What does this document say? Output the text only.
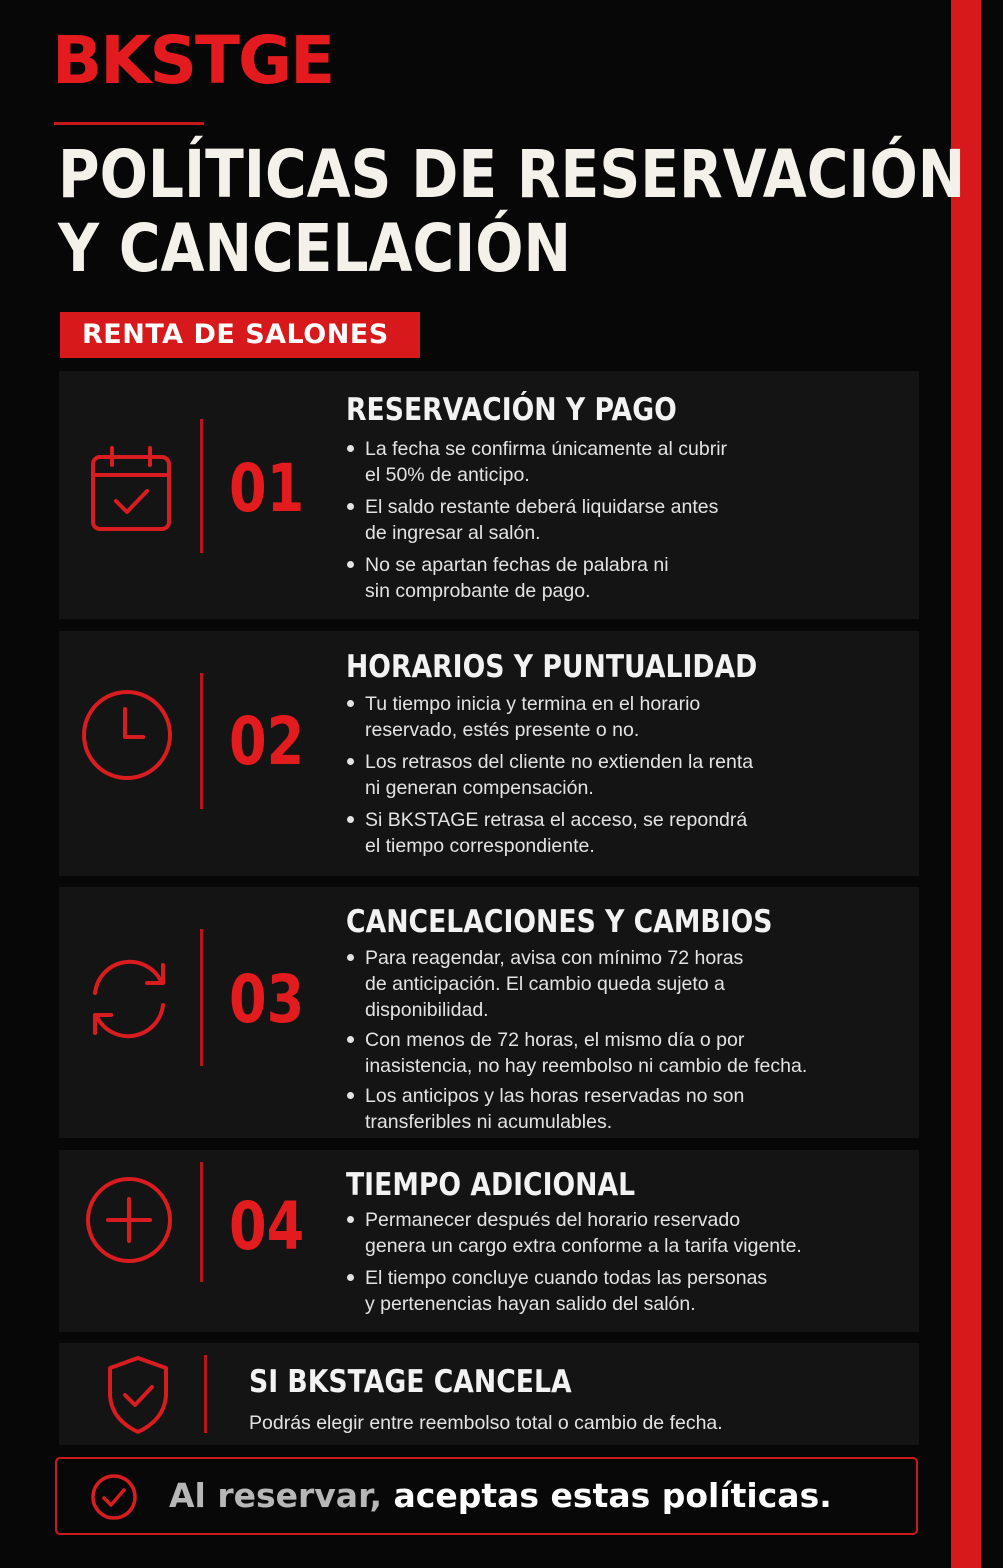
BKSTGE
POLÍTICAS DE RESERVACIÓN
Y CANCELACIÓN
RENTA DE SALONES
01
RESERVACIÓN Y PAGO
La fecha se confirma únicamente al cubrir
el 50% de anticipo.
El saldo restante deberá liquidarse antes
de ingresar al salón.
No se apartan fechas de palabra ni
sin comprobante de pago.
02
HORARIOS Y PUNTUALIDAD
Tu tiempo inicia y termina en el horario
reservado, estés presente o no.
Los retrasos del cliente no extienden la renta
ni generan compensación.
Si BKSTAGE retrasa el acceso, se repondrá
el tiempo correspondiente.
03
CANCELACIONES Y CAMBIOS
Para reagendar, avisa con mínimo 72 horas
de anticipación. El cambio queda sujeto a
disponibilidad.
Con menos de 72 horas, el mismo día o por
inasistencia, no hay reembolso ni cambio de fecha.
Los anticipos y las horas reservadas no son
transferibles ni acumulables.
04
TIEMPO ADICIONAL
Permanecer después del horario reservado
genera un cargo extra conforme a la tarifa vigente.
El tiempo concluye cuando todas las personas
y pertenencias hayan salido del salón.
SI BKSTAGE CANCELA

Podrás elegir entre reembolso total o cambio de fecha.

Al reservar, aceptas estas políticas.
